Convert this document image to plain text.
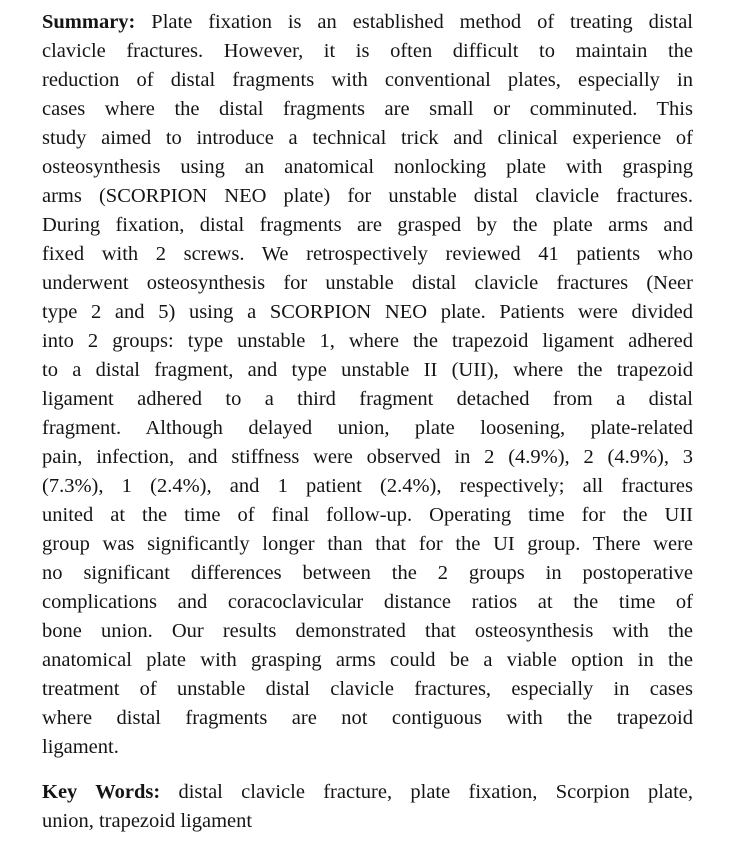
Summary: Plate fixation is an established method of treating distal
clavicle fractures. However, it is often difficult to maintain the
reduction of distal fragments with conventional plates, especially in
cases where the distal fragments are small or comminuted. This
study aimed to introduce a technical trick and clinical experience of
osteosynthesis using an anatomical nonlocking plate with grasping
arms (SCORPION NEO plate) for unstable distal clavicle fractures.
During fixation, distal fragments are grasped by the plate arms and
fixed with 2 screws. We retrospectively reviewed 41 patients who
underwent osteosynthesis for unstable distal clavicle fractures (Neer
type 2 and 5) using a SCORPION NEO plate. Patients were divided
into 2 groups: type unstable 1, where the trapezoid ligament adhered
to a distal fragment, and type unstable II (UII), where the trapezoid
ligament adhered to a third fragment detached from a distal
fragment. Although delayed union, plate loosening, plate-related
pain, infection, and stiffness were observed in 2 (4.9%), 2 (4.9%), 3
(7.3%), 1 (2.4%), and 1 patient (2.4%), respectively; all fractures
united at the time of final follow-up. Operating time for the UII
group was significantly longer than that for the UI group. There were
no significant differences between the 2 groups in postoperative
complications and coracoclavicular distance ratios at the time of
bone union. Our results demonstrated that osteosynthesis with the
anatomical plate with grasping arms could be a viable option in the
treatment of unstable distal clavicle fractures, especially in cases
where distal fragments are not contiguous with the trapezoid
ligament.
Key Words: distal clavicle fracture, plate fixation, Scorpion plate,
union, trapezoid ligament
